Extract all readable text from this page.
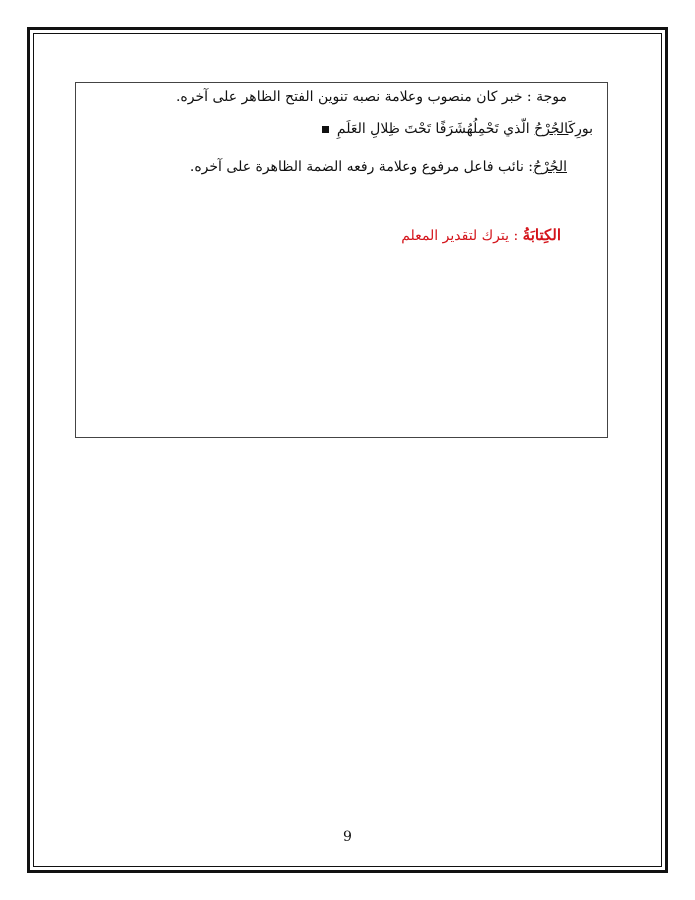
موجة : خبر كان منصوب وعلامة نصبه تنوين الفتح الظاهر على آخره.
بورِكَالجُرْحُ الّذي تَحْمِلُهُشَرَفًا تَحْتَ ظِلالِ العَلَمِ
الجُرْحُ: نائب فاعل مرفوع وعلامة رفعه الضمة الظاهرة على آخره.
الكِتابَةُ : يترك لتقدير المعلم
9
